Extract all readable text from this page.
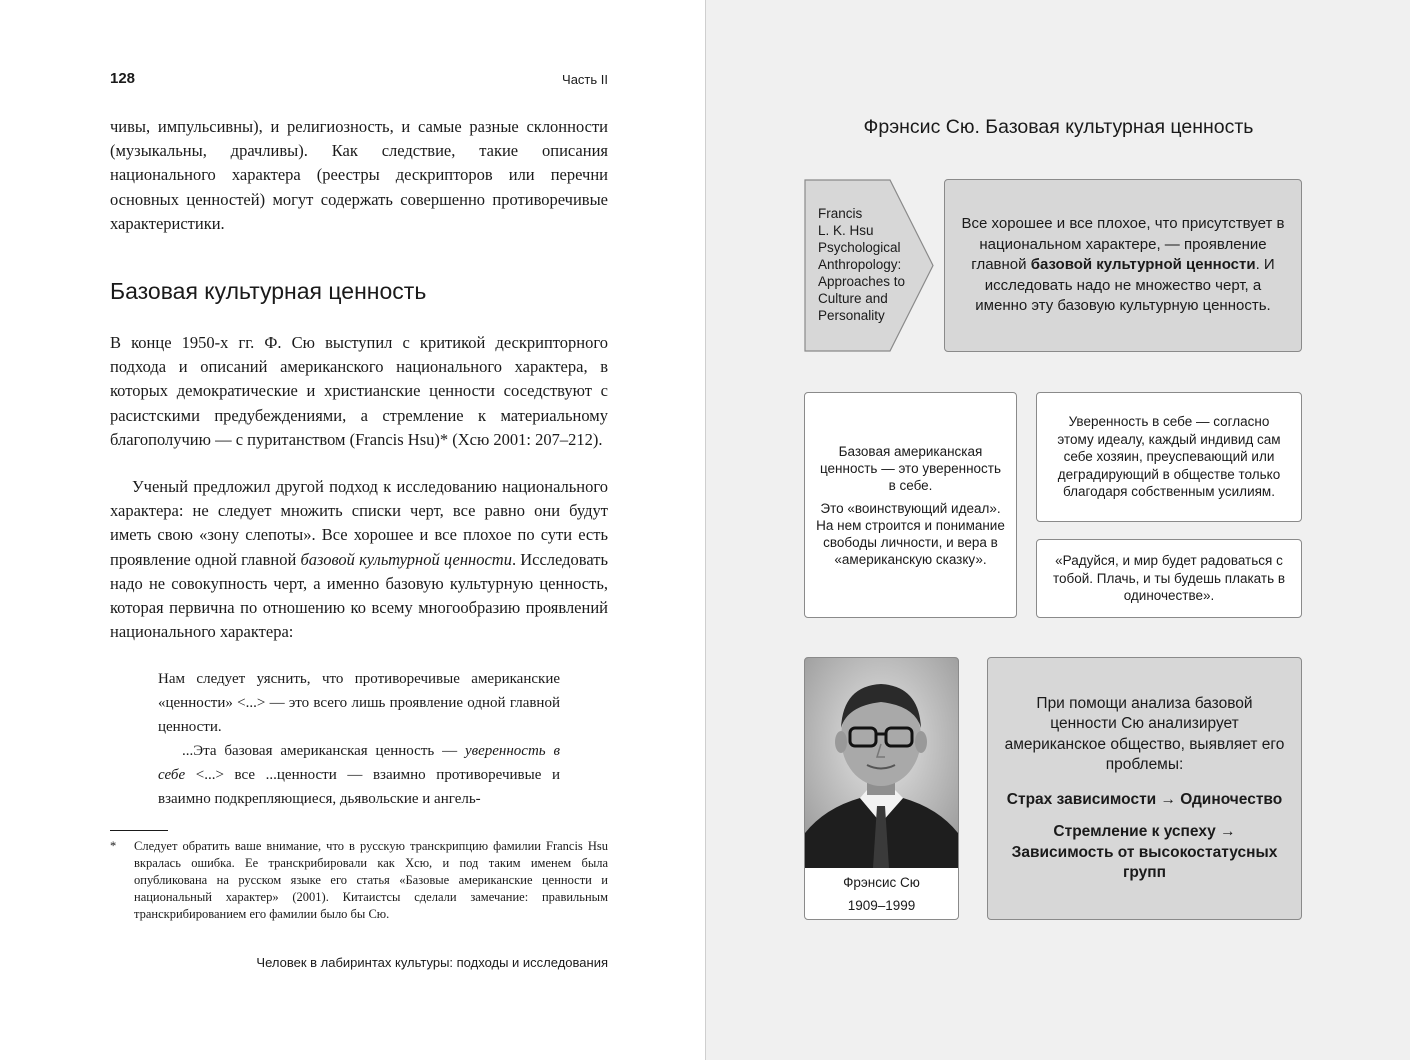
128	Часть II

чивы, импульсивны), и религиозность, и самые разные склонности (музыкальны, драчливы). Как следствие, такие описания национального характера (реестры дескрипторов или перечни основных ценностей) могут содержать совершенно противоречивые характеристики.

Базовая культурная ценность

В конце 1950-х гг. Ф. Сю выступил с критикой дескрипторного подхода и описаний американского национального характера, в которых демократические и христианские ценности соседствуют с расистскими предубеждениями, а стремление к материальному благополучию — с пуританством (Francis Hsu)* (Хсю 2001: 207–212).

Ученый предложил другой подход к исследованию национального характера: не следует множить списки черт, все равно они будут иметь свою «зону слепоты». Все хорошее и все плохое по сути есть проявление одной главной базовой культурной ценности. Исследовать надо не совокупность черт, а именно базовую культурную ценность, которая первична по отношению ко всему многообразию проявлений национального характера:

Нам следует уяснить, что противоречивые американские «ценности» <...> — это всего лишь проявление одной главной ценности.

...Эта базовая американская ценность — уверенность в себе <...> все ...ценности — взаимно противоречивые и взаимно подкрепляющиеся, дьявольские и ангель-

* Следует обратить ваше внимание, что в русскую транскрипцию фамилии Francis Hsu вкралась ошибка. Ее транскрибировали как Хсю, и под таким именем была опубликована на русском языке его статья «Базовые американские ценности и национальный характер» (2001). Китаистcы сделали замечание: правильным транскрибированием его фамилии было бы Сю.
Человек в лабиринтах культуры: подходы и исследования
Фрэнсис Сю. Базовая культурная ценность
Francis
L. K. Hsu
Psychological
Anthropology:
Approaches to
Culture and
Personality
Все хорошее и все плохое, что присутствует в национальном характере, — проявление главной базовой культурной ценности. И исследовать надо не множество черт, а именно эту базовую культурную ценность.

Базовая американская ценность — это уверенность в себе.

Это «воинствующий идеал». На нем строится и понимание свободы личности, и вера в «американскую сказку».

Уверенность в себе — согласно этому идеалу, каждый индивид сам себе хозяин, преуспевающий или деградирующий в обществе только благодаря собственным усилиям.
«Радуйся, и мир будет радоваться с тобой. Плачь, и ты будешь плакать в одиночестве».
Фрэнсис Сю
1909–1999

При помощи анализа базовой ценности Сю анализирует американское общество, выявляет его проблемы:

Страх зависимости → Одиночество

Стремление к успеху → Зависимость от высокостатусных групп
